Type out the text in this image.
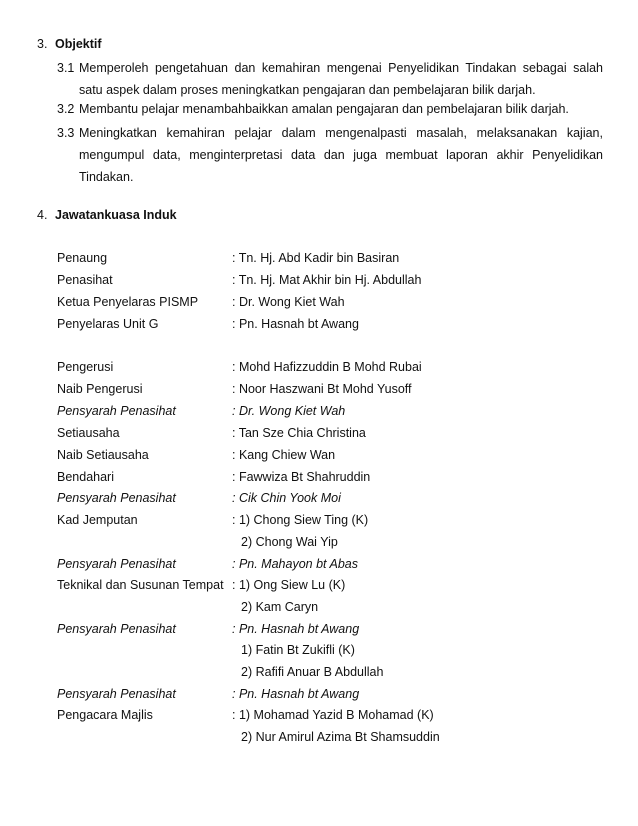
3. Objektif
3.1 Memperoleh pengetahuan dan kemahiran mengenai Penyelidikan Tindakan sebagai salah satu aspek dalam proses meningkatkan pengajaran dan pembelajaran bilik darjah.
3.2 Membantu pelajar menambahbaikkan amalan pengajaran dan pembelajaran bilik darjah.
3.3 Meningkatkan kemahiran pelajar dalam mengenalpasti masalah, melaksanakan kajian, mengumpul data, menginterpretasi data dan juga membuat laporan akhir Penyelidikan Tindakan.
4. Jawatankuasa Induk
Penaung	: Tn. Hj. Abd Kadir bin Basiran
Penasihat	: Tn. Hj. Mat Akhir bin Hj. Abdullah
Ketua Penyelaras PISMP	: Dr. Wong Kiet Wah
Penyelaras Unit G	: Pn. Hasnah bt Awang
Pengerusi	: Mohd Hafizzuddin B Mohd Rubai
Naib Pengerusi	: Noor Haszwani Bt Mohd Yusoff
Pensyarah Penasihat	: Dr. Wong Kiet Wah
Setiausaha	: Tan Sze Chia Christina
Naib Setiausaha	: Kang Chiew Wan
Bendahari	: Fawwiza Bt Shahruddin
Pensyarah Penasihat	: Cik Chin Yook Moi
Kad Jemputan	: 1) Chong Siew Ting (K)
2) Chong Wai Yip
Pensyarah Penasihat	: Pn. Mahayon bt Abas
Teknikal dan Susunan Tempat : 1) Ong Siew Lu (K)
2) Kam Caryn
Pensyarah Penasihat	: Pn. Hasnah bt Awang
1) Fatin Bt Zukifli (K)
2) Rafifi Anuar B Abdullah
Pensyarah Penasihat	: Pn. Hasnah bt Awang
Pengacara Majlis	: 1) Mohamad Yazid B Mohamad (K)
2) Nur Amirul Azima Bt Shamsuddin
